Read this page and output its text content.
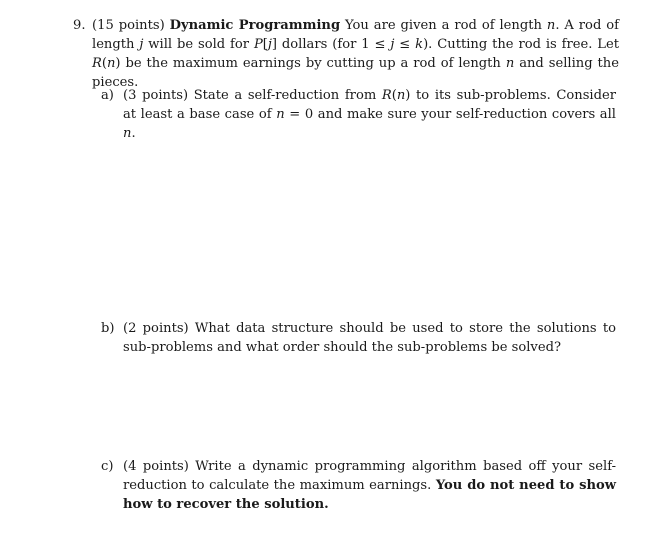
9. (15 points) Dynamic Programming You are given a rod of length n. A rod of length j will be sold for P[j] dollars (for 1 ≤ j ≤ k). Cutting the rod is free. Let R(n) be the maximum earnings by cutting up a rod of length n and selling the pieces.
a) (3 points) State a self-reduction from R(n) to its sub-problems. Consider at least a base case of n = 0 and make sure your self-reduction covers all n.
b) (2 points) What data structure should be used to store the solutions to sub-problems and what order should the sub-problems be solved?
c) (4 points) Write a dynamic programming algorithm based off your self-reduction to calculate the maximum earnings. You do not need to show how to recover the solution.
